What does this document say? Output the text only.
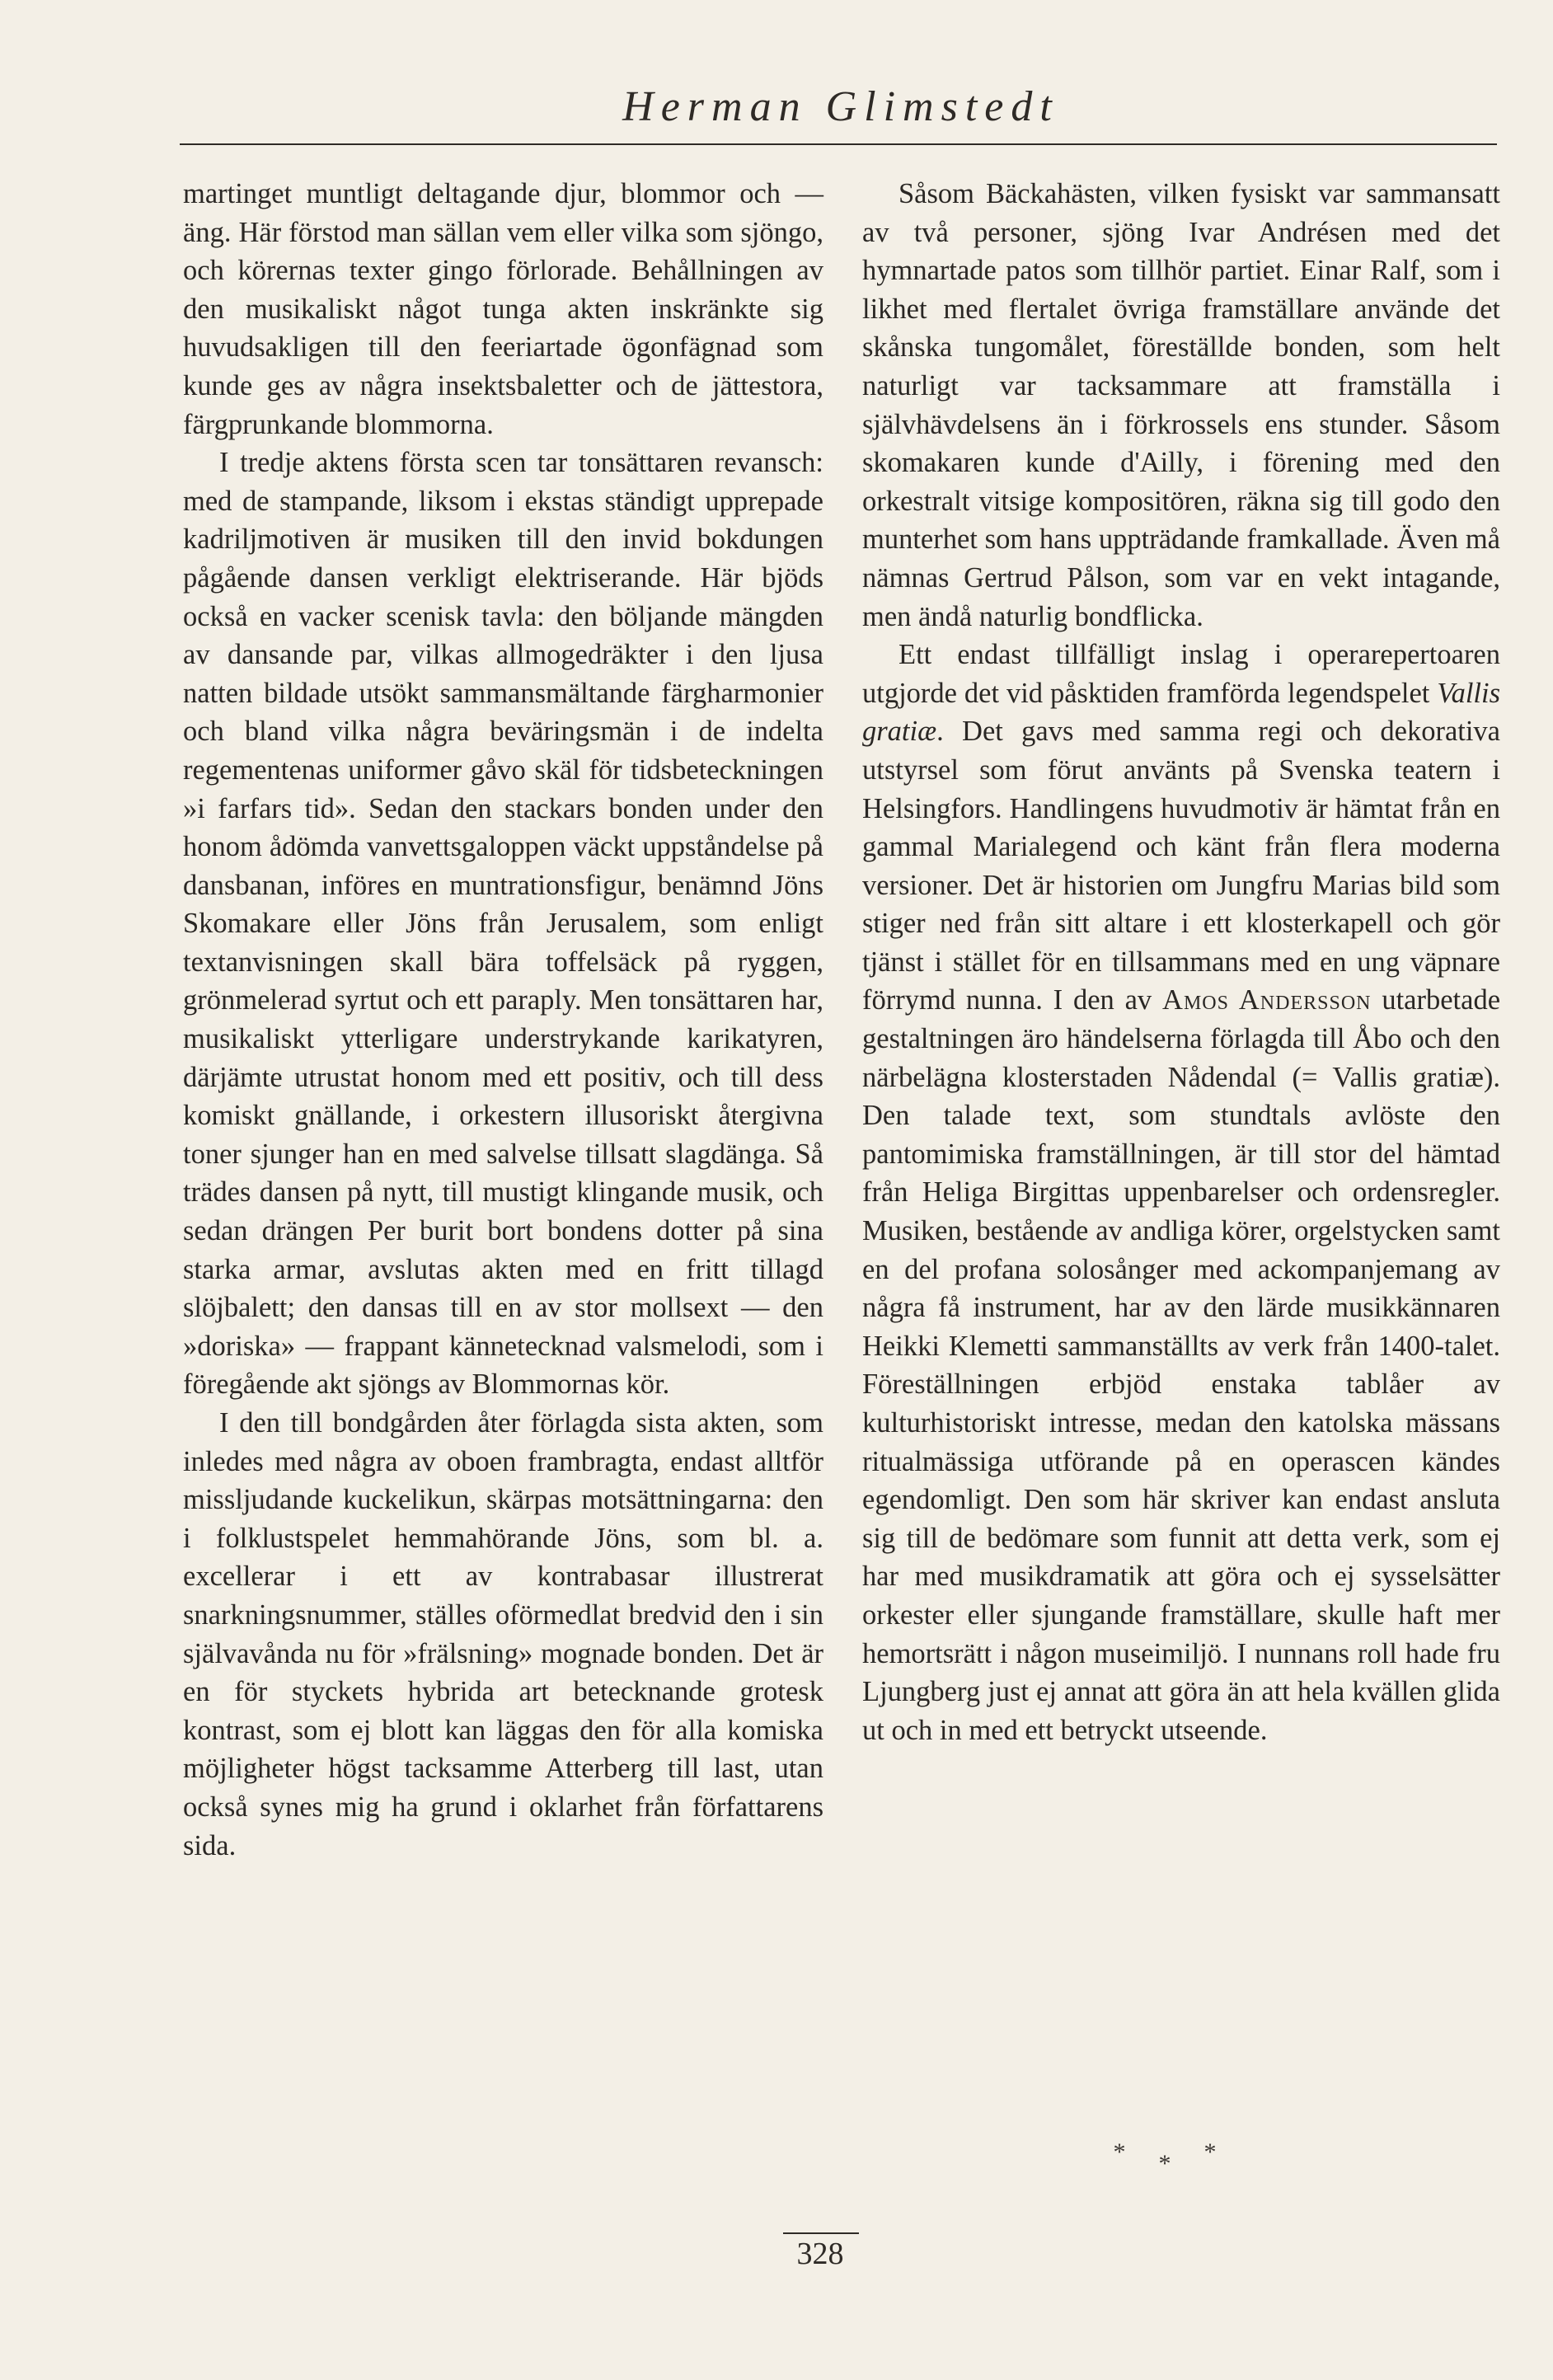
Herman Glimstedt

martinget muntligt deltagande djur, blommor och — äng. Här förstod man sällan vem eller vilka som sjöngo, och körernas texter gingo förlorade. Behållningen av den musikaliskt något tunga akten inskränkte sig huvudsakligen till den feeriartade ögonfägnad som kunde ges av några insektsbaletter och de jättestora, färgprunkande blommorna.

I tredje aktens första scen tar tonsättaren revansch: med de stampande, liksom i ekstas ständigt upprepade kadriljmotiven är musiken till den invid bokdungen pågående dansen verkligt elektriserande. Här bjöds också en vacker scenisk tavla: den böljande mängden av dansande par, vilkas allmogedräkter i den ljusa natten bildade utsökt sammansmältande färgharmonier och bland vilka några beväringsmän i de indelta regementenas uniformer gåvo skäl för tidsbeteckningen »i farfars tid». Sedan den stackars bonden under den honom ådömda vanvettsgaloppen väckt uppståndelse på dansbanan, införes en muntrationsfigur, benämnd Jöns Skomakare eller Jöns från Jerusalem, som enligt textanvisningen skall bära toffelsäck på ryggen, grönmelerad syrtut och ett paraply. Men tonsättaren har, musikaliskt ytterligare understrykande karikatyren, därjämte utrustat honom med ett positiv, och till dess komiskt gnällande, i orkestern illusoriskt återgivna toner sjunger han en med salvelse tillsatt slagdänga. Så trädes dansen på nytt, till mustigt klingande musik, och sedan drängen Per burit bort bondens dotter på sina starka armar, avslutas akten med en fritt tillagd slöjbalett; den dansas till en av stor mollsext — den »doriska» — frappant kännetecknad valsmelodi, som i föregående akt sjöngs av Blommornas kör.

I den till bondgården åter förlagda sista akten, som inledes med några av oboen frambragta, endast alltför missljudande kuckelikun, skärpas motsättningarna: den i folklustspelet hemmahörande Jöns, som bl. a. excellerar i ett av kontrabasar illustrerat snarkningsnummer, ställes oförmedlat bredvid den i sin självavånda nu för »frälsning» mognade bonden. Det är en för styckets hybrida art betecknande grotesk kontrast, som ej blott kan läggas den för alla komiska möjligheter högst tacksamme Atterberg till last, utan också synes mig ha grund i oklarhet från författarens sida.

Såsom Bäckahästen, vilken fysiskt var sammansatt av två personer, sjöng Ivar Andrésen med det hymnartade patos som tillhör partiet. Einar Ralf, som i likhet med flertalet övriga framställare använde det skånska tungomålet, föreställde bonden, som helt naturligt var tacksammare att framställa i självhävdelsens än i förkrossels ens stunder. Såsom skomakaren kunde d'Ailly, i förening med den orkestralt vitsige kompositören, räkna sig till godo den munterhet som hans uppträdande framkallade. Även må nämnas Gertrud Pålson, som var en vekt intagande, men ändå naturlig bondflicka.

Ett endast tillfälligt inslag i operarepertoaren utgjorde det vid påsktiden framförda legendspelet Vallis gratiæ. Det gavs med samma regi och dekorativa utstyrsel som förut använts på Svenska teatern i Helsingfors. Handlingens huvudmotiv är hämtat från en gammal Marialegend och känt från flera moderna versioner. Det är historien om Jungfru Marias bild som stiger ned från sitt altare i ett klosterkapell och gör tjänst i stället för en tillsammans med en ung väpnare förrymd nunna. I den av Amos Andersson utarbetade gestaltningen äro händelserna förlagda till Åbo och den närbelägna klosterstaden Nådendal (= Vallis gratiæ). Den talade text, som stundtals avlöste den pantomimiska framställningen, är till stor del hämtad från Heliga Birgittas uppenbarelser och ordensregler. Musiken, bestående av andliga körer, orgelstycken samt en del profana solosånger med ackompanjemang av några få instrument, har av den lärde musikkännaren Heikki Klemetti sammanställts av verk från 1400-talet. Föreställningen erbjöd enstaka tablåer av kulturhistoriskt intresse, medan den katolska mässans ritualmässiga utförande på en operascen kändes egendomligt. Den som här skriver kan endast ansluta sig till de bedömare som funnit att detta verk, som ej har med musikdramatik att göra och ej sysselsätter orkester eller sjungande framställare, skulle haft mer hemortsrätt i någon museimiljö. I nunnans roll hade fru Ljungberg just ej annat att göra än att hela kvällen glida ut och in med ett betryckt utseende.

***
328
